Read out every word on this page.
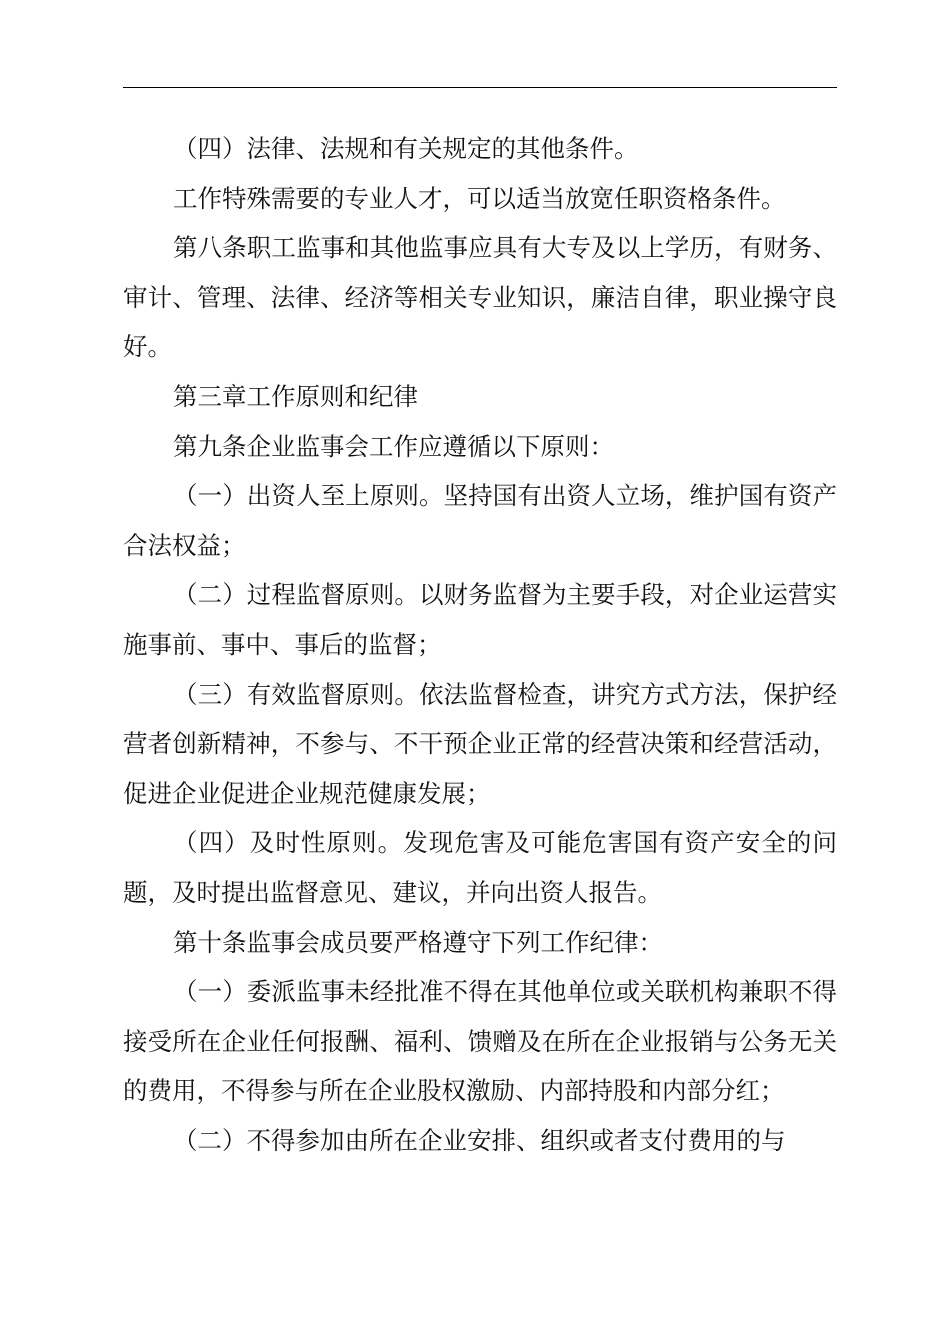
（四）法律、法规和有关规定的其他条件。

工作特殊需要的专业人才，可以适当放宽任职资格条件。

第八条职工监事和其他监事应具有大专及以上学历，有财务、审计、管理、法律、经济等相关专业知识，廉洁自律，职业操守良好。

第三章工作原则和纪律

第九条企业监事会工作应遵循以下原则：

（一）出资人至上原则。坚持国有出资人立场，维护国有资产合法权益；

（二）过程监督原则。以财务监督为主要手段，对企业运营实施事前、事中、事后的监督；

（三）有效监督原则。依法监督检查，讲究方式方法，保护经营者创新精神，不参与、不干预企业正常的经营决策和经营活动，促进企业促进企业规范健康发展；

（四）及时性原则。发现危害及可能危害国有资产安全的问题，及时提出监督意见、建议，并向出资人报告。

第十条监事会成员要严格遵守下列工作纪律：

（一）委派监事未经批准不得在其他单位或关联机构兼职不得接受所在企业任何报酬、福利、馈赠及在所在企业报销与公务无关的费用，不得参与所在企业股权激励、内部持股和内部分红；

（二）不得参加由所在企业安排、组织或者支付费用的与
